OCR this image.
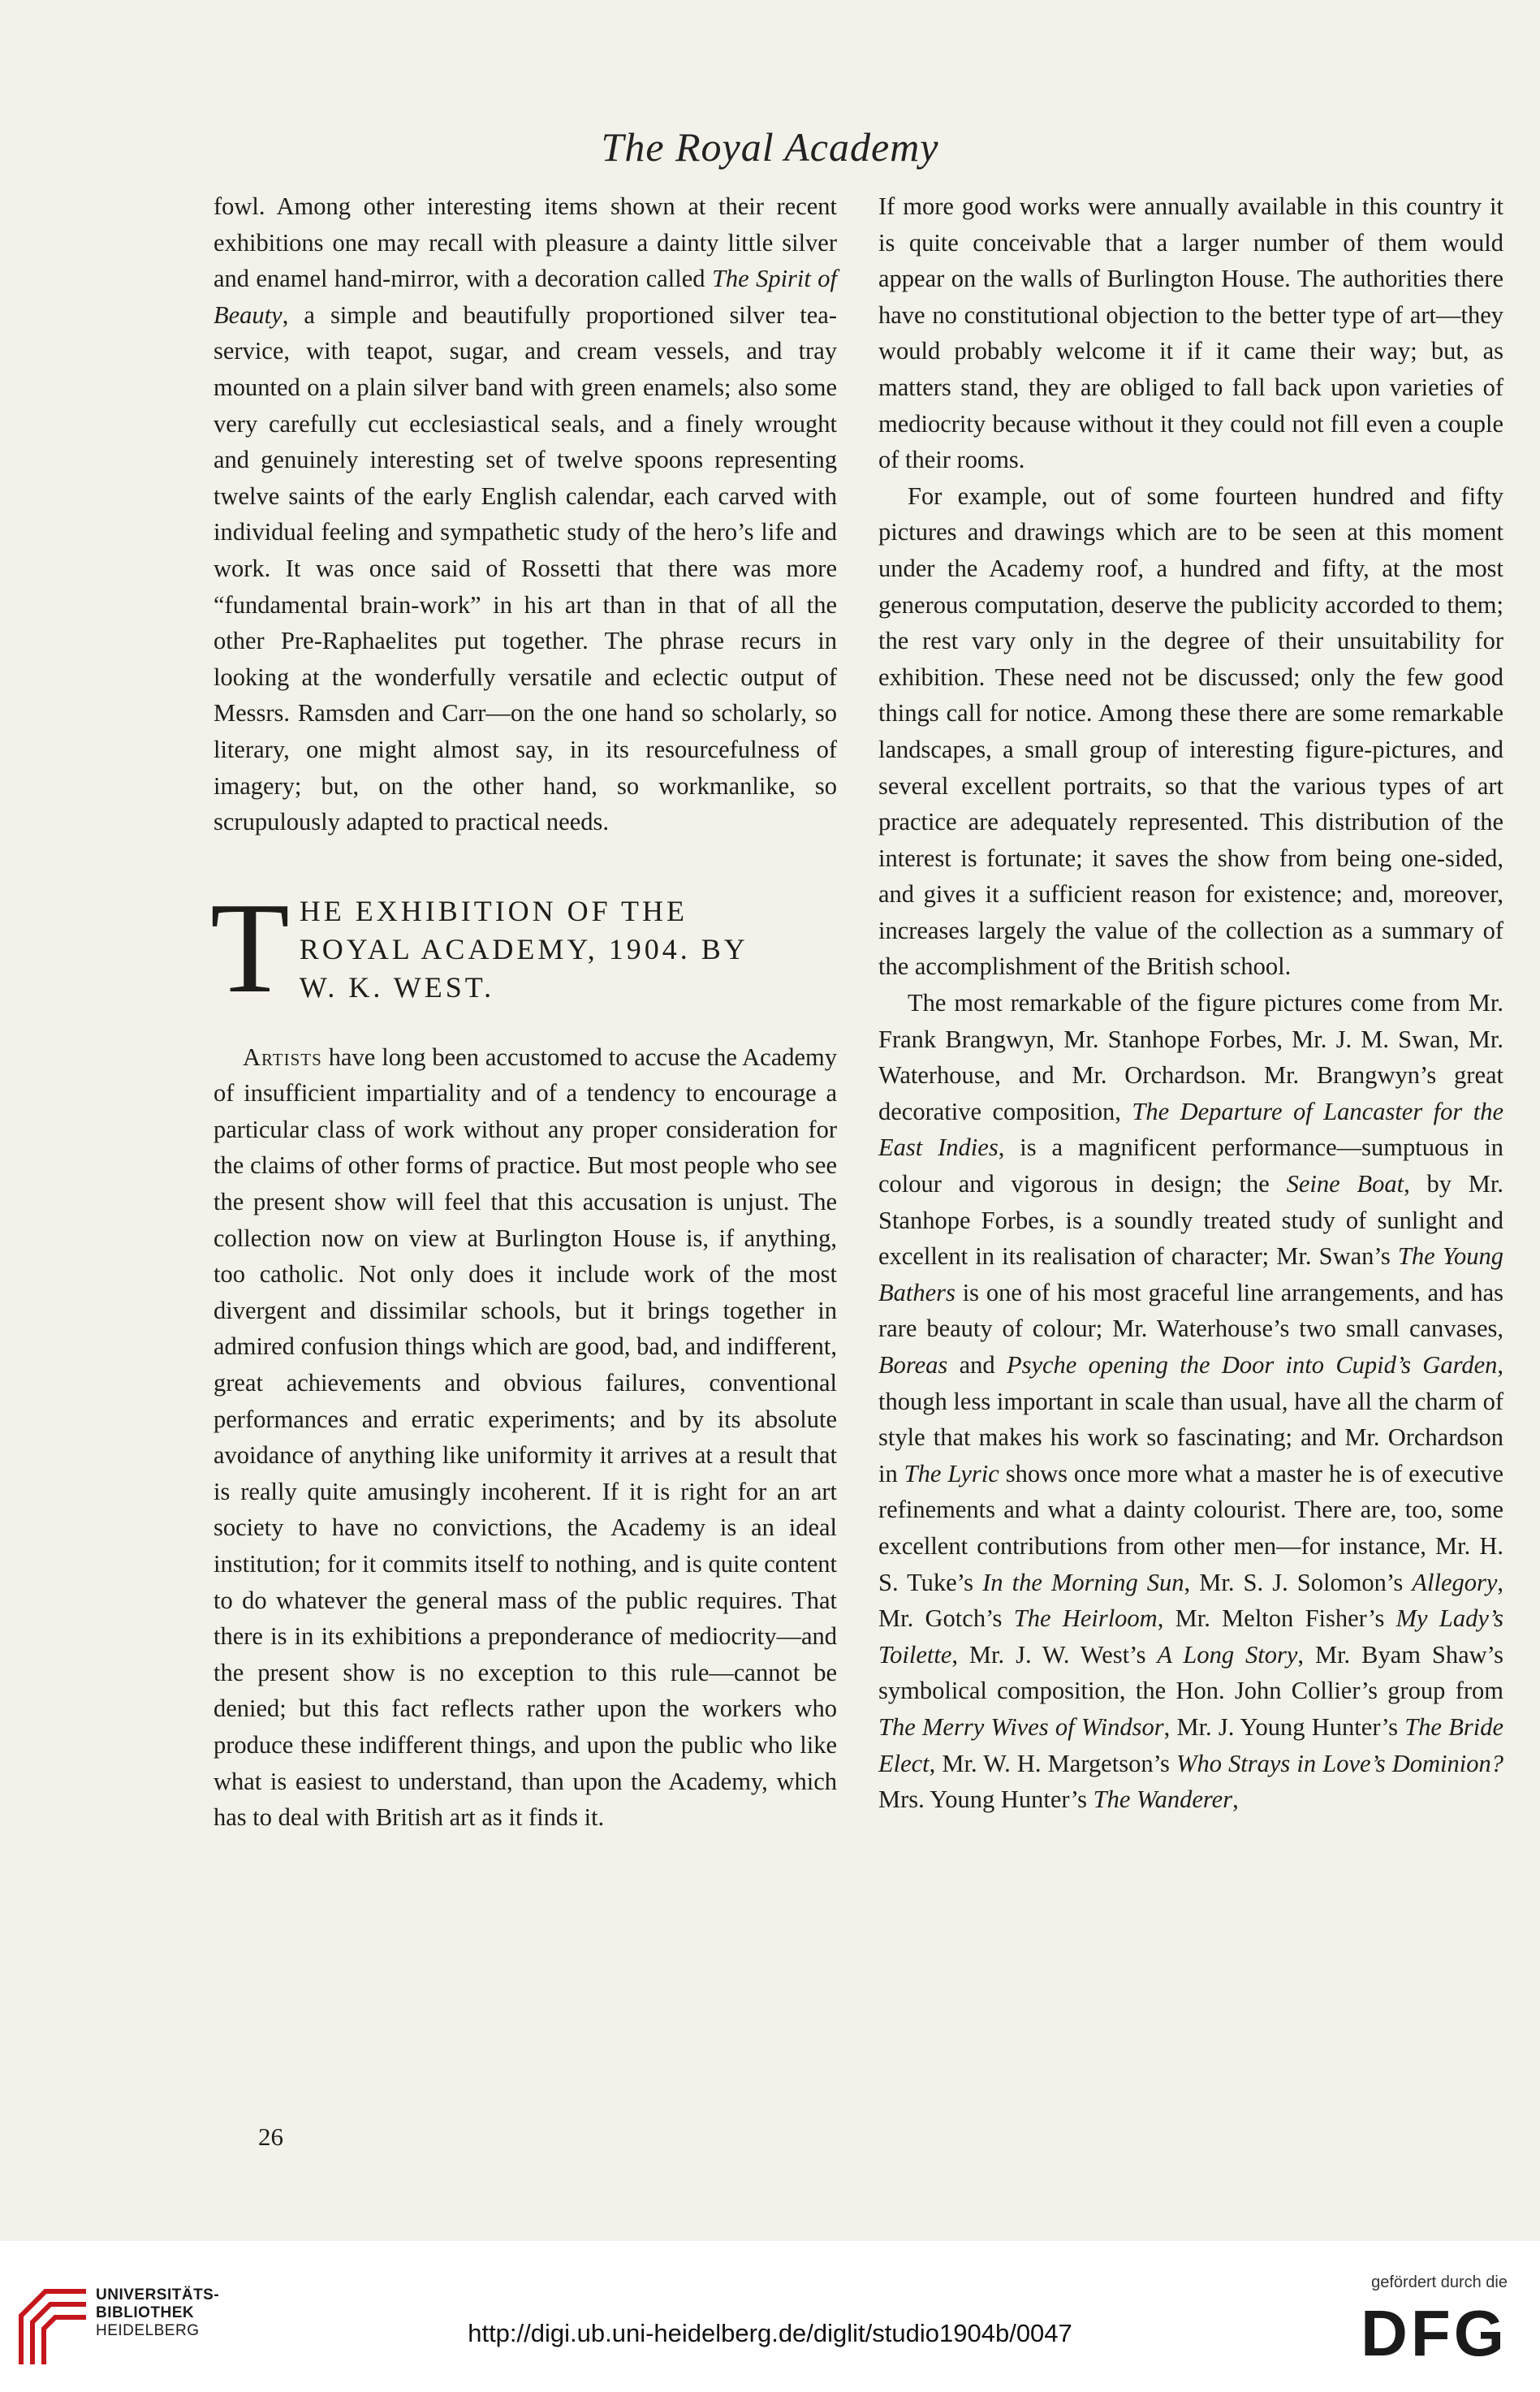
The Royal Academy

fowl. Among other interesting items shown at their recent exhibitions one may recall with pleasure a dainty little silver and enamel hand-mirror, with a decoration called The Spirit of Beauty, a simple and beautifully proportioned silver tea-service, with teapot, sugar, and cream vessels, and tray mounted on a plain silver band with green enamels; also some very carefully cut ecclesiastical seals, and a finely wrought and genuinely interesting set of twelve spoons representing twelve saints of the early English calendar, each carved with individual feeling and sympathetic study of the hero’s life and work. It was once said of Rossetti that there was more “fundamental brain-work” in his art than in that of all the other Pre-Raphaelites put together. The phrase recurs in looking at the wonderfully versatile and eclectic output of Messrs. Ramsden and Carr—on the one hand so scholarly, so literary, one might almost say, in its resourcefulness of imagery; but, on the other hand, so workmanlike, so scrupulously adapted to practical needs.

T HE EXHIBITION OF THE
ROYAL ACADEMY, 1904. BY
W. K. WEST.

Artists have long been accustomed to accuse the Academy of insufficient impartiality and of a tendency to encourage a particular class of work without any proper consideration for the claims of other forms of practice. But most people who see the present show will feel that this accusation is unjust. The collection now on view at Burlington House is, if anything, too catholic. Not only does it include work of the most divergent and dissimilar schools, but it brings together in admired confusion things which are good, bad, and indifferent, great achievements and obvious failures, conventional performances and erratic experiments; and by its absolute avoidance of anything like uniformity it arrives at a result that is really quite amusingly incoherent. If it is right for an art society to have no convictions, the Academy is an ideal institution; for it commits itself to nothing, and is quite content to do whatever the general mass of the public requires. That there is in its exhibitions a preponderance of mediocrity—and the present show is no exception to this rule—cannot be denied; but this fact reflects rather upon the workers who produce these indifferent things, and upon the public who like what is easiest to understand, than upon the Academy, which has to deal with British art as it finds it.

If more good works were annually available in this country it is quite conceivable that a larger number of them would appear on the walls of Burlington House. The authorities there have no constitutional objection to the better type of art—they would probably welcome it if it came their way; but, as matters stand, they are obliged to fall back upon varieties of mediocrity because without it they could not fill even a couple of their rooms.

For example, out of some fourteen hundred and fifty pictures and drawings which are to be seen at this moment under the Academy roof, a hundred and fifty, at the most generous computation, deserve the publicity accorded to them; the rest vary only in the degree of their unsuitability for exhibition. These need not be discussed; only the few good things call for notice. Among these there are some remarkable landscapes, a small group of interesting figure-pictures, and several excellent portraits, so that the various types of art practice are adequately represented. This distribution of the interest is fortunate; it saves the show from being one-sided, and gives it a sufficient reason for existence; and, moreover, increases largely the value of the collection as a summary of the accomplishment of the British school.

The most remarkable of the figure pictures come from Mr. Frank Brangwyn, Mr. Stanhope Forbes, Mr. J. M. Swan, Mr. Waterhouse, and Mr. Orchardson. Mr. Brangwyn’s great decorative composition, The Departure of Lancaster for the East Indies, is a magnificent performance—sumptuous in colour and vigorous in design; the Seine Boat, by Mr. Stanhope Forbes, is a soundly treated study of sunlight and excellent in its realisation of character; Mr. Swan’s The Young Bathers is one of his most graceful line arrangements, and has rare beauty of colour; Mr. Waterhouse’s two small canvases, Boreas and Psyche opening the Door into Cupid’s Garden, though less important in scale than usual, have all the charm of style that makes his work so fascinating; and Mr. Orchardson in The Lyric shows once more what a master he is of executive refinements and what a dainty colourist. There are, too, some excellent contributions from other men—for instance, Mr. H. S. Tuke’s In the Morning Sun, Mr. S. J. Solomon’s Allegory, Mr. Gotch’s The Heirloom, Mr. Melton Fisher’s My Lady’s Toilette, Mr. J. W. West’s A Long Story, Mr. Byam Shaw’s symbolical composition, the Hon. John Collier’s group from The Merry Wives of Windsor, Mr. J. Young Hunter’s The Bride Elect, Mr. W. H. Margetson’s Who Strays in Love’s Dominion? Mrs. Young Hunter’s The Wanderer,

26
UNIVERSITÄTS-
BIBLIOTHEK
HEIDELBERG	http://digi.ub.uni-heidelberg.de/diglit/studio1904b/0047
gefördert durch die
DFG
